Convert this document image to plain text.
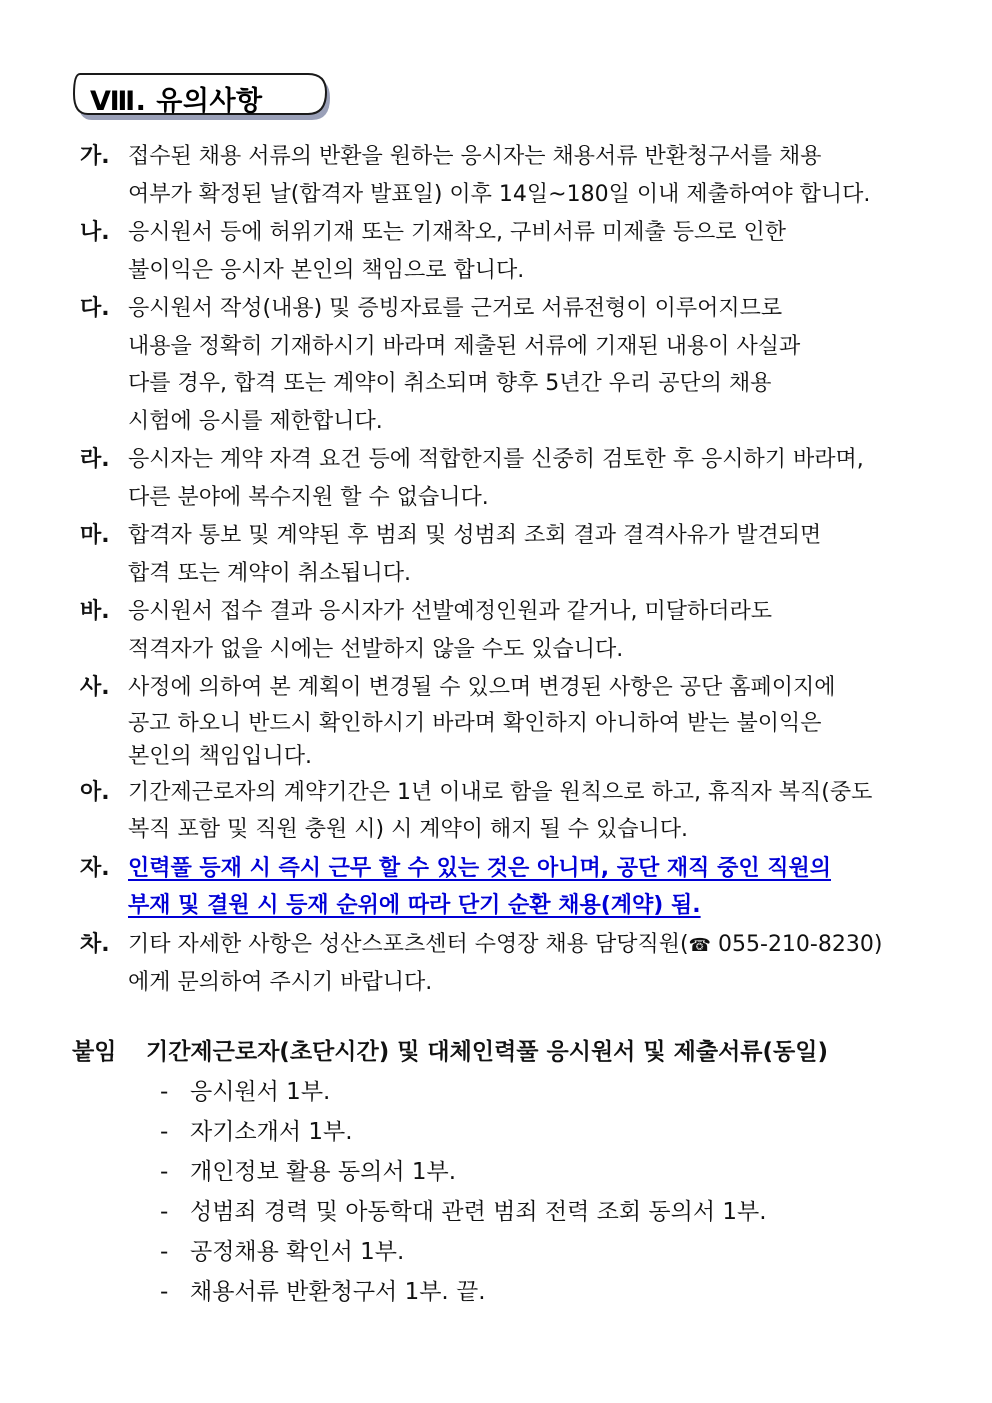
Ⅷ. 유의사항
가. 접수된 채용 서류의 반환을 원하는 응시자는 채용서류 반환청구서를 채용
여부가 확정된 날(합격자 발표일) 이후 14일~180일 이내 제출하여야 합니다.
나. 응시원서 등에 허위기재 또는 기재착오, 구비서류 미제출 등으로 인한
불이익은 응시자 본인의 책임으로 합니다.
다. 응시원서 작성(내용) 및 증빙자료를 근거로 서류전형이 이루어지므로
내용을 정확히 기재하시기 바라며 제출된 서류에 기재된 내용이 사실과
다를 경우, 합격 또는 계약이 취소되며 향후 5년간 우리 공단의 채용
시험에 응시를 제한합니다.
라. 응시자는 계약 자격 요건 등에 적합한지를 신중히 검토한 후 응시하기 바라며,
다른 분야에 복수지원 할 수 없습니다.
마. 합격자 통보 및 계약된 후 범죄 및 성범죄 조회 결과 결격사유가 발견되면
합격 또는 계약이 취소됩니다.
바. 응시원서 접수 결과 응시자가 선발예정인원과 같거나, 미달하더라도
적격자가 없을 시에는 선발하지 않을 수도 있습니다.
사. 사정에 의하여 본 계획이 변경될 수 있으며 변경된 사항은 공단 홈페이지에
공고 하오니 반드시 확인하시기 바라며 확인하지 아니하여 받는 불이익은
본인의 책임입니다.
아. 기간제근로자의 계약기간은 1년 이내로 함을 원칙으로 하고, 휴직자 복직(중도
복직 포함 및 직원 충원 시) 시 계약이 해지 될 수 있습니다.
자. 인력풀 등재 시 즉시 근무 할 수 있는 것은 아니며, 공단 재직 중인 직원의
부재 및 결원 시 등재 순위에 따라 단기 순환 채용(계약) 됨.
차. 기타 자세한 사항은 성산스포츠센터 수영장 채용 담당직원(☎ 055-210-8230)
에게 문의하여 주시기 바랍니다.
붙임 기간제근로자(초단시간) 및 대체인력풀 응시원서 및 제출서류(동일)
- 응시원서 1부.
- 자기소개서 1부.
- 개인정보 활용 동의서 1부.
- 성범죄 경력 및 아동학대 관련 범죄 전력 조회 동의서 1부.
- 공정채용 확인서 1부.
- 채용서류 반환청구서 1부. 끝.
